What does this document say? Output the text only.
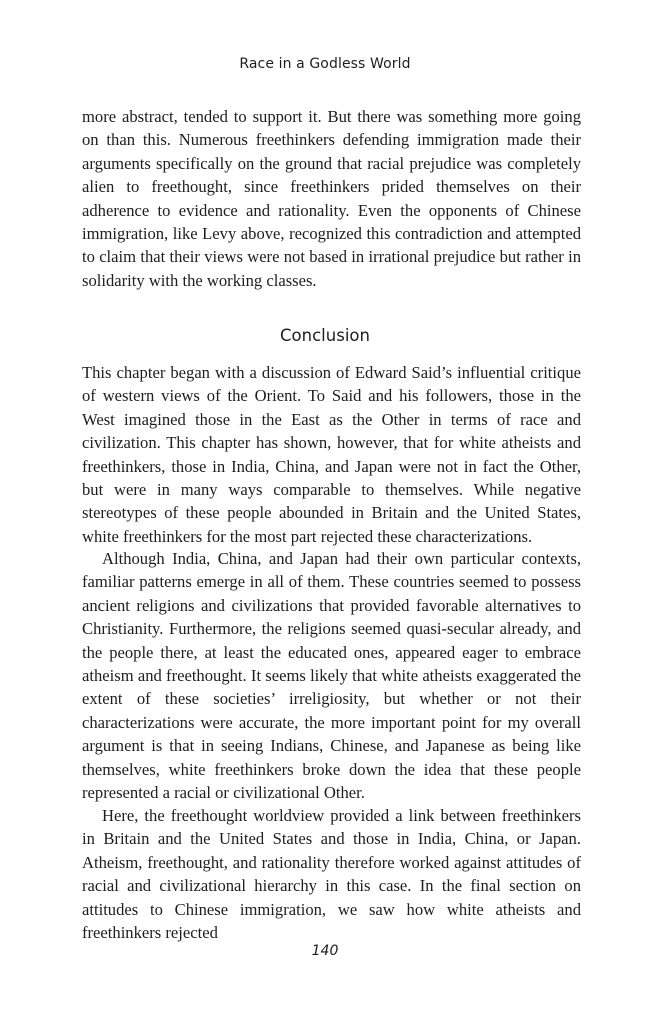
Race in a Godless World

more abstract, tended to support it. But there was something more going on than this. Numerous freethinkers defending immigration made their arguments specifically on the ground that racial prejudice was completely alien to freethought, since freethinkers prided themselves on their adherence to evidence and rationality. Even the opponents of Chinese immigration, like Levy above, recognized this contradiction and attempted to claim that their views were not based in irrational prejudice but rather in solidarity with the working classes.

Conclusion

This chapter began with a discussion of Edward Said’s influential critique of western views of the Orient. To Said and his followers, those in the West imagined those in the East as the Other in terms of race and civilization. This chapter has shown, however, that for white atheists and freethinkers, those in India, China, and Japan were not in fact the Other, but were in many ways comparable to themselves. While negative stereotypes of these people abounded in Britain and the United States, white freethinkers for the most part rejected these characterizations.

Although India, China, and Japan had their own particular contexts, familiar patterns emerge in all of them. These countries seemed to possess ancient religions and civilizations that provided favorable alternatives to Christianity. Furthermore, the religions seemed quasi-secular already, and the people there, at least the educated ones, appeared eager to embrace atheism and freethought. It seems likely that white atheists exaggerated the extent of these societies’ irreligiosity, but whether or not their characterizations were accurate, the more important point for my overall argument is that in seeing Indians, Chinese, and Japanese as being like themselves, white freethinkers broke down the idea that these people represented a racial or civilizational Other.

Here, the freethought worldview provided a link between freethinkers in Britain and the United States and those in India, China, or Japan. Atheism, freethought, and rationality therefore worked against attitudes of racial and civilizational hierarchy in this case. In the final section on attitudes to Chinese immigration, we saw how white atheists and freethinkers rejected

140
